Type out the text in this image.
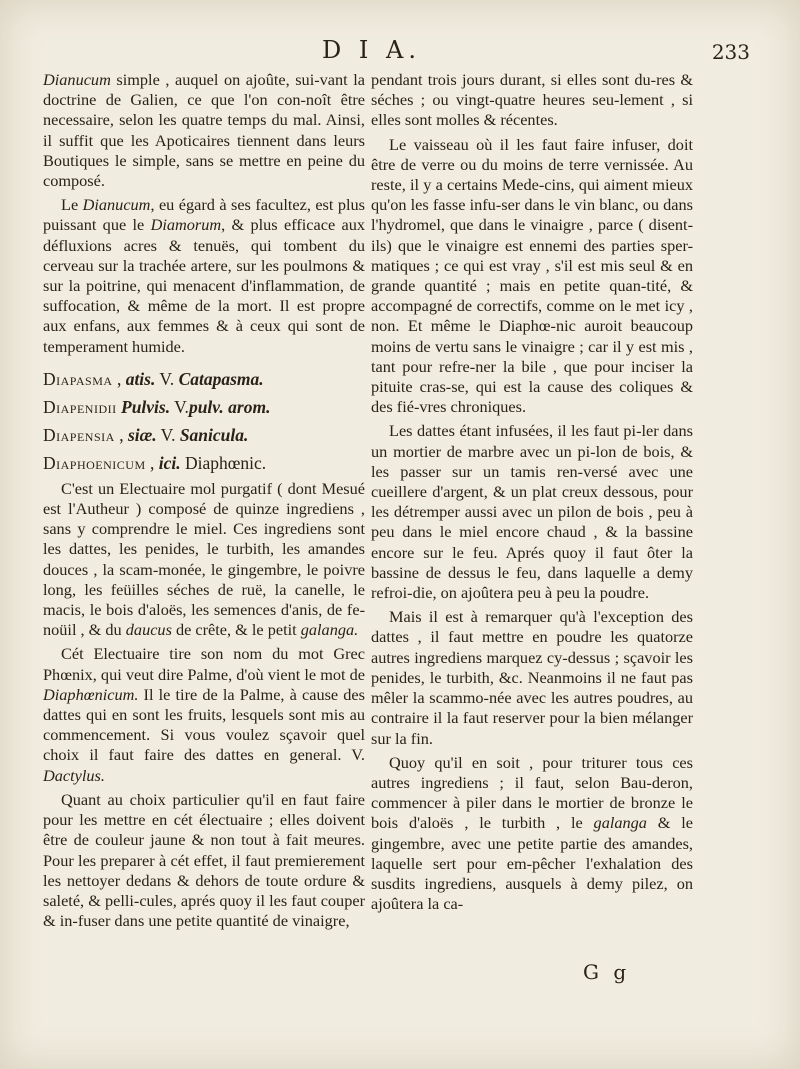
D I A.	233

Dianucum simple , auquel on ajoûte, sui-vant la doctrine de Galien, ce que l'on con-noît être necessaire, selon les quatre temps du mal. Ainsi, il suffit que les Apoticaires tiennent dans leurs Boutiques le simple, sans se mettre en peine du composé.

Le Dianucum, eu égard à ses facultez, est plus puissant que le Diamorum, & plus efficace aux défluxions acres & tenuës, qui tombent du cerveau sur la trachée artere, sur les poulmons & sur la poitrine, qui menacent d'inflammation, de suffocation, & même de la mort. Il est propre aux enfans, aux femmes & à ceux qui sont de temperament humide.

Diapasma , atis. V. Catapasma.

Diapenidii Pulvis. V.pulv. arom.

Diapensia , siæ. V. Sanicula.

Diaphoenicum , ici. Diaphœnic.

C'est un Electuaire mol purgatif ( dont Mesué est l'Autheur ) composé de quinze ingrediens , sans y comprendre le miel. Ces ingrediens sont les dattes, les penides, le turbith, les amandes douces , la scam-monée, le gingembre, le poivre long, les feüilles séches de ruë, la canelle, le macis, le bois d'aloës, les semences d'anis, de fe-noüil , & du daucus de crête, & le petit galanga.

Cét Electuaire tire son nom du mot Grec Phœnix, qui veut dire Palme, d'où vient le mot de Diaphœnicum. Il le tire de la Palme, à cause des dattes qui en sont les fruits, lesquels sont mis au commencement. Si vous voulez sçavoir quel choix il faut faire des dattes en general. V. Dactylus.

Quant au choix particulier qu'il en faut faire pour les mettre en cét électuaire ; elles doivent être de couleur jaune & non tout à fait meures. Pour les preparer à cét effet, il faut premierement les nettoyer dedans & dehors de toute ordure & saleté, & pelli-cules, aprés quoy il les faut couper & in-fuser dans une petite quantité de vinaigre,

pendant trois jours durant, si elles sont du-res & séches ; ou vingt-quatre heures seu-lement , si elles sont molles & récentes.

Le vaisseau où il les faut faire infuser, doit être de verre ou du moins de terre vernissée. Au reste, il y a certains Mede-cins, qui aiment mieux qu'on les fasse infu-ser dans le vin blanc, ou dans l'hydromel, que dans le vinaigre , parce ( disent-ils) que le vinaigre est ennemi des parties sper-matiques ; ce qui est vray , s'il est mis seul & en grande quantité ; mais en petite quan-tité, & accompagné de correctifs, comme on le met icy , non. Et même le Diaphœ-nic auroit beaucoup moins de vertu sans le vinaigre ; car il y est mis , tant pour refre-ner la bile , que pour inciser la pituite cras-se, qui est la cause des coliques & des fié-vres chroniques.

Les dattes étant infusées, il les faut pi-ler dans un mortier de marbre avec un pi-lon de bois, & les passer sur un tamis ren-versé avec une cueillere d'argent, & un plat creux dessous, pour les détremper aussi avec un pilon de bois , peu à peu dans le miel encore chaud , & la bassine encore sur le feu. Aprés quoy il faut ôter la bassine de dessus le feu, dans laquelle a demy refroi-die, on ajoûtera peu à peu la poudre.

Mais il est à remarquer qu'à l'exception des dattes , il faut mettre en poudre les quatorze autres ingrediens marquez cy-dessus ; sçavoir les penides, le turbith, &c. Neanmoins il ne faut pas mêler la scammo-née avec les autres poudres, au contraire il la faut reserver pour la bien mélanger sur la fin.

Quoy qu'il en soit , pour triturer tous ces autres ingrediens ; il faut, selon Bau-deron, commencer à piler dans le mortier de bronze le bois d'aloës , le turbith , le galanga & le gingembre, avec une petite partie des amandes, laquelle sert pour em-pêcher l'exhalation des susdits ingrediens, ausquels à demy pilez, on ajoûtera la ca-

G g
